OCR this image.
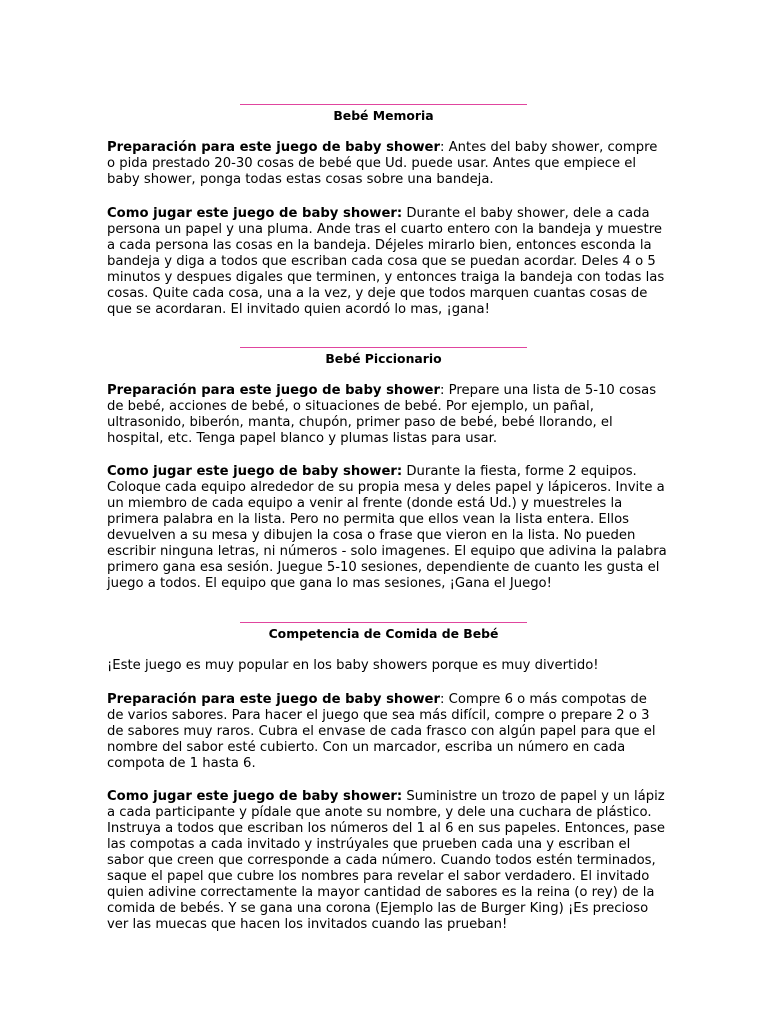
Bebé Memoria

Preparación para este juego de baby shower: Antes del baby shower, compre o pida prestado 20-30 cosas de bebé que Ud. puede usar. Antes que empiece el baby shower, ponga todas estas cosas sobre una bandeja.

Como jugar este juego de baby shower: Durante el baby shower, dele a cada persona un papel y una pluma. Ande tras el cuarto entero con la bandeja y muestre a cada persona las cosas en la bandeja. Déjeles mirarlo bien, entonces esconda la bandeja y diga a todos que escriban cada cosa que se puedan acordar. Deles 4 o 5 minutos y despues digales que terminen, y entonces traiga la bandeja con todas las cosas. Quite cada cosa, una a la vez, y deje que todos marquen cuantas cosas de que se acordaran. El invitado quien acordó lo mas, ¡gana!

Bebé Piccionario

Preparación para este juego de baby shower: Prepare una lista de 5-10 cosas de bebé, acciones de bebé, o situaciones de bebé. Por ejemplo, un pañal, ultrasonido, biberón, manta, chupón, primer paso de bebé, bebé llorando, el hospital, etc. Tenga papel blanco y plumas listas para usar.

Como jugar este juego de baby shower: Durante la fiesta, forme 2 equipos. Coloque cada equipo alrededor de su propia mesa y deles papel y lápiceros. Invite a un miembro de cada equipo a venir al frente (donde está Ud.) y muestreles la primera palabra en la lista. Pero no permita que ellos vean la lista entera. Ellos devuelven a su mesa y dibujen la cosa o frase que vieron en la lista. No pueden escribir ninguna letras, ni números - solo imagenes. El equipo que adivina la palabra primero gana esa sesión. Juegue 5-10 sesiones, dependiente de cuanto les gusta el juego a todos. El equipo que gana lo mas sesiones, ¡Gana el Juego!

Competencia de Comida de Bebé

¡Este juego es muy popular en los baby showers porque es muy divertido!

Preparación para este juego de baby shower: Compre 6 o más compotas de de varios sabores. Para hacer el juego que sea más difícil, compre o prepare 2 o 3 de sabores muy raros. Cubra el envase de cada frasco con algún papel para que el nombre del sabor esté cubierto. Con un marcador, escriba un número en cada compota de 1 hasta 6.

Como jugar este juego de baby shower: Suministre un trozo de papel y un lápiz a cada participante y pídale que anote su nombre, y dele una cuchara de plástico. Instruya a todos que escriban los números del 1 al 6 en sus papeles. Entonces, pase las compotas a cada invitado y instrúyales que prueben cada una y escriban el sabor que creen que corresponde a cada número. Cuando todos estén terminados, saque el papel que cubre los nombres para revelar el sabor verdadero. El invitado quien adivine correctamente la mayor cantidad de sabores es la reina (o rey) de la comida de bebés. Y se gana una corona (Ejemplo las de Burger King) ¡Es precioso ver las muecas que hacen los invitados cuando las prueban!
